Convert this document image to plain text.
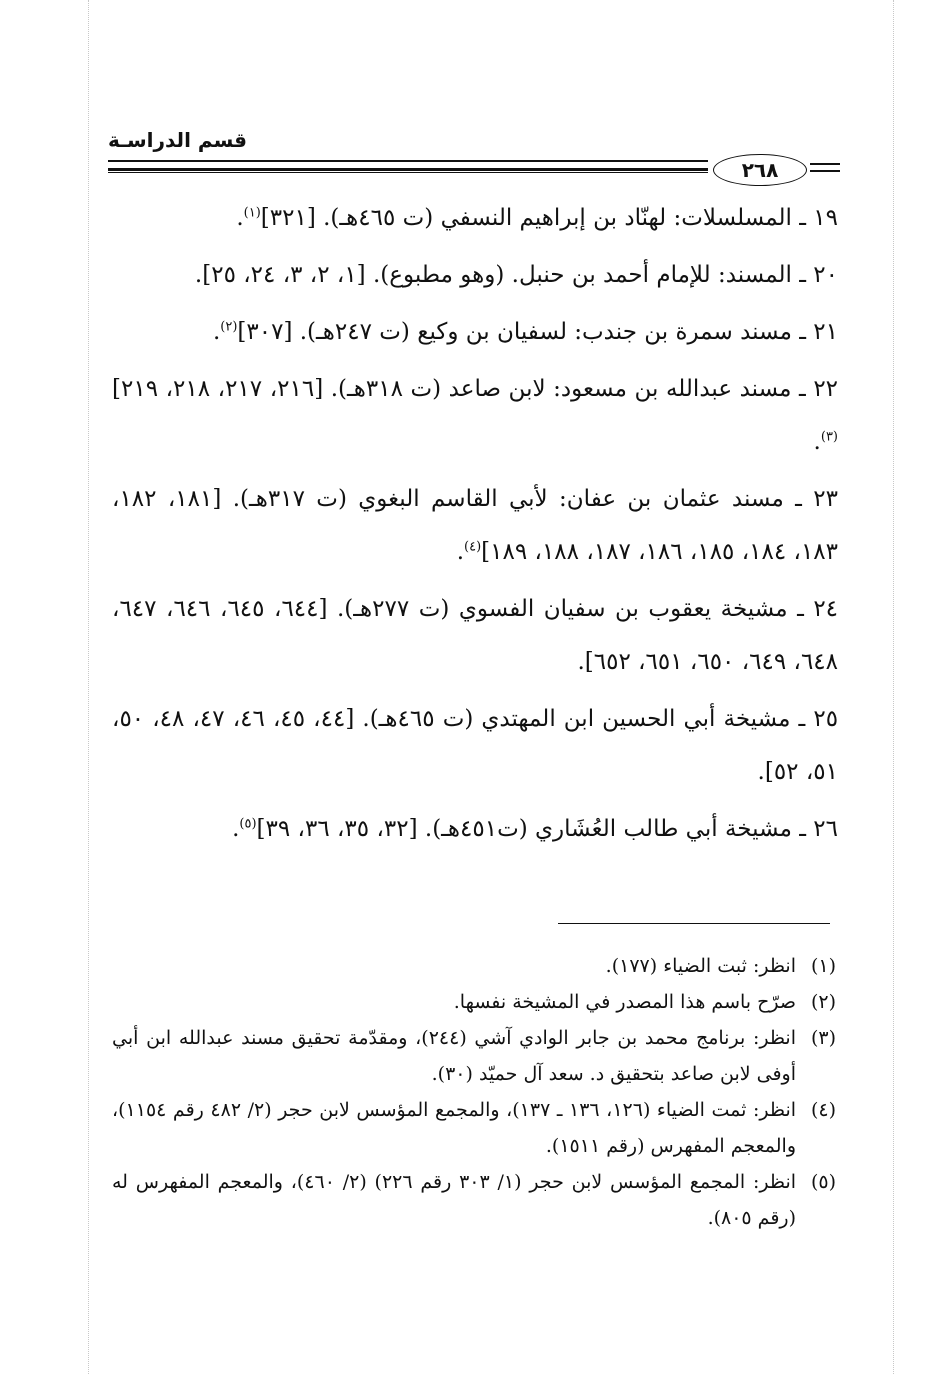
قسم الدراسـة
٢٦٨

١٩ ـ المسلسلات: لهنّاد بن إبراهيم النسفي (ت ٤٦٥هـ). [٣٢١]$^{(١)}$.

٢٠ ـ المسند: للإمام أحمد بن حنبل. (وهو مطبوع). [١، ٢، ٣، ٢٤، ٢٥].

٢١ ـ مسند سمرة بن جندب: لسفيان بن وكيع (ت ٢٤٧هـ). [٣٠٧]$^{(٢)}$.

٢٢ ـ مسند عبدالله بن مسعود: لابن صاعد (ت ٣١٨هـ). [٢١٦، ٢١٧، ٢١٨، ٢١٩]$^{(٣)}$.

٢٣ ـ مسند عثمان بن عفان: لأبي القاسم البغوي (ت ٣١٧هـ). [١٨١، ١٨٢، ١٨٣، ١٨٤، ١٨٥، ١٨٦، ١٨٧، ١٨٨، ١٨٩]$^{(٤)}$.

٢٤ ـ مشيخة يعقوب بن سفيان الفسوي (ت ٢٧٧هـ). [٦٤٤، ٦٤٥، ٦٤٦، ٦٤٧، ٦٤٨، ٦٤٩، ٦٥٠، ٦٥١، ٦٥٢].

٢٥ ـ مشيخة أبي الحسين ابن المهتدي (ت ٤٦٥هـ). [٤٤، ٤٥، ٤٦، ٤٧، ٤٨، ٥٠، ٥١، ٥٢].

٢٦ ـ مشيخة أبي طالب العُشَاري (ت٤٥١هـ). [٣٢، ٣٥، ٣٦، ٣٩]$^{(٥)}$.

(١)
انظر: ثبت الضياء (١٧٧).
(٢)
صرّح باسم هذا المصدر في المشيخة نفسها.
(٣)
انظر: برنامج محمد بن جابر الوادي آشي (٢٤٤)، ومقدّمة تحقيق مسند عبدالله ابن أبي أوفى لابن صاعد بتحقيق د. سعد آل حميّد (٣٠).
(٤)
انظر: ثمت الضياء (١٢٦، ١٣٦ ـ ١٣٧)، والمجمع المؤسس لابن حجر (٢/ ٤٨٢ رقم ١١٥٤)، والمعجم المفهرس (رقم ١٥١١).
(٥)
انظر: المجمع المؤسس لابن حجر (١/ ٣٠٣ رقم ٢٢٦) (٢/ ٤٦٠)، والمعجم المفهرس له (رقم ٨٠٥).
